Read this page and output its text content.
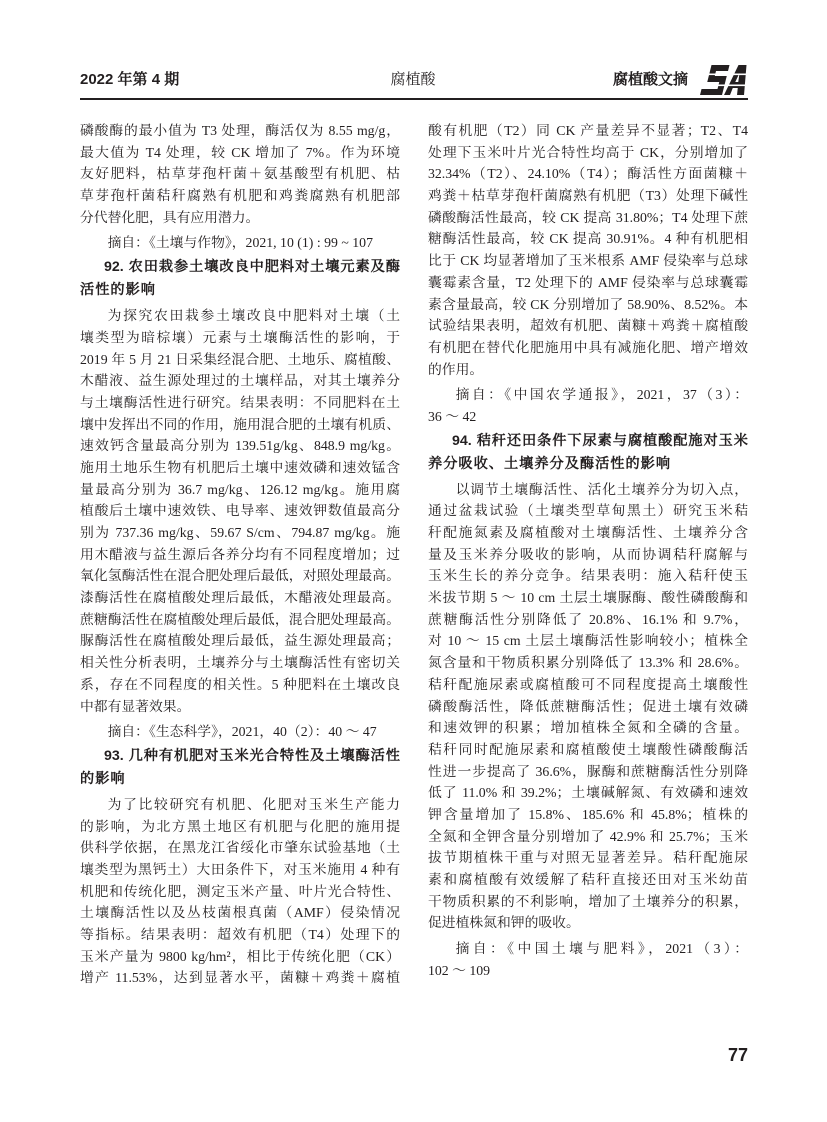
2022 年第 4 期	腐植酸	腐植酸文摘
磷酸酶的最小值为 T3 处理，酶活仅为 8.55 mg/g，
最大值为 T4 处理，较 CK 增加了 7%。作为环境
友好肥料，枯草芽孢杆菌＋氨基酸型有机肥、枯
草芽孢杆菌秸秆腐熟有机肥和鸡粪腐熟有机肥部
分代替化肥，具有应用潜力。
摘自：《土壤与作物》，2021, 10 (1) : 99 ~ 107
92. 农田栽参土壤改良中肥料对土壤元素及酶
活性的影响
为探究农田栽参土壤改良中肥料对土壤（土
壤类型为暗棕壤）元素与土壤酶活性的影响，于
2019 年 5 月 21 日采集经混合肥、土地乐、腐植酸、
木醋液、益生源处理过的土壤样品，对其土壤养分
与土壤酶活性进行研究。结果表明：不同肥料在土
壤中发挥出不同的作用，施用混合肥的土壤有机质、
速效钙含量最高分别为 139.51g/kg、848.9 mg/kg。
施用土地乐生物有机肥后土壤中速效磷和速效锰含
量最高分别为 36.7 mg/kg、126.12 mg/kg。施用腐
植酸后土壤中速效铁、电导率、速效钾数值最高分
别为 737.36 mg/kg、59.67 S/cm、794.87 mg/kg。施
用木醋液与益生源后各养分均有不同程度增加；过
氧化氢酶活性在混合肥处理后最低，对照处理最高。
漆酶活性在腐植酸处理后最低，木醋液处理最高。
蔗糖酶活性在腐植酸处理后最低，混合肥处理最高。
脲酶活性在腐植酸处理后最低，益生源处理最高；
相关性分析表明，土壤养分与土壤酶活性有密切关
系，存在不同程度的相关性。5 种肥料在土壤改良
中都有显著效果。
摘自：《生态科学》，2021，40（2）：40 ～ 47
93. 几种有机肥对玉米光合特性及土壤酶活性
的影响
为了比较研究有机肥、化肥对玉米生产能力
的影响，为北方黑土地区有机肥与化肥的施用提
供科学依据，在黑龙江省绥化市肇东试验基地（土
壤类型为黑钙土）大田条件下，对玉米施用 4 种有
机肥和传统化肥，测定玉米产量、叶片光合特性、
土壤酶活性以及丛枝菌根真菌（AMF）侵染情况
等指标。结果表明：超效有机肥（T4）处理下的
玉米产量为 9800 kg/hm²，相比于传统化肥（CK）
增产 11.53%，达到显著水平，菌糠＋鸡粪＋腐植
酸有机肥（T2）同 CK 产量差异不显著；T2、T4
处理下玉米叶片光合特性均高于 CK，分别增加了
32.34%（T2）、24.10%（T4）；酶活性方面菌糠＋
鸡粪＋枯草芽孢杆菌腐熟有机肥（T3）处理下碱性
磷酸酶活性最高，较 CK 提高 31.80%；T4 处理下蔗
糖酶活性最高，较 CK 提高 30.91%。4 种有机肥相
比于 CK 均显著增加了玉米根系 AMF 侵染率与总球
囊霉素含量，T2 处理下的 AMF 侵染率与总球囊霉
素含量最高，较 CK 分别增加了 58.90%、8.52%。本
试验结果表明，超效有机肥、菌糠＋鸡粪＋腐植酸
有机肥在替代化肥施用中具有减施化肥、增产增效
的作用。
摘自：《中国农学通报》，2021，37（3）：
36 ～ 42
94. 秸秆还田条件下尿素与腐植酸配施对玉米
养分吸收、土壤养分及酶活性的影响
以调节土壤酶活性、活化土壤养分为切入点，
通过盆栽试验（土壤类型草甸黑土）研究玉米秸
秆配施氮素及腐植酸对土壤酶活性、土壤养分含
量及玉米养分吸收的影响，从而协调秸秆腐解与
玉米生长的养分竞争。结果表明：施入秸秆使玉
米拔节期 5 ～ 10 cm 土层土壤脲酶、酸性磷酸酶和
蔗糖酶活性分别降低了 20.8%、16.1% 和 9.7%，
对 10 ～ 15 cm 土层土壤酶活性影响较小；植株全
氮含量和干物质积累分别降低了 13.3% 和 28.6%。
秸秆配施尿素或腐植酸可不同程度提高土壤酸性
磷酸酶活性，降低蔗糖酶活性；促进土壤有效磷
和速效钾的积累；增加植株全氮和全磷的含量。
秸秆同时配施尿素和腐植酸使土壤酸性磷酸酶活
性进一步提高了 36.6%，脲酶和蔗糖酶活性分别降
低了 11.0% 和 39.2%；土壤碱解氮、有效磷和速效
钾含量增加了 15.8%、185.6% 和 45.8%；植株的
全氮和全钾含量分别增加了 42.9% 和 25.7%；玉米
拔节期植株干重与对照无显著差异。秸秆配施尿
素和腐植酸有效缓解了秸秆直接还田对玉米幼苗
干物质积累的不利影响，增加了土壤养分的积累，
促进植株氮和钾的吸收。
摘自：《中国土壤与肥料》，2021（3）：
102 ～ 109
77
